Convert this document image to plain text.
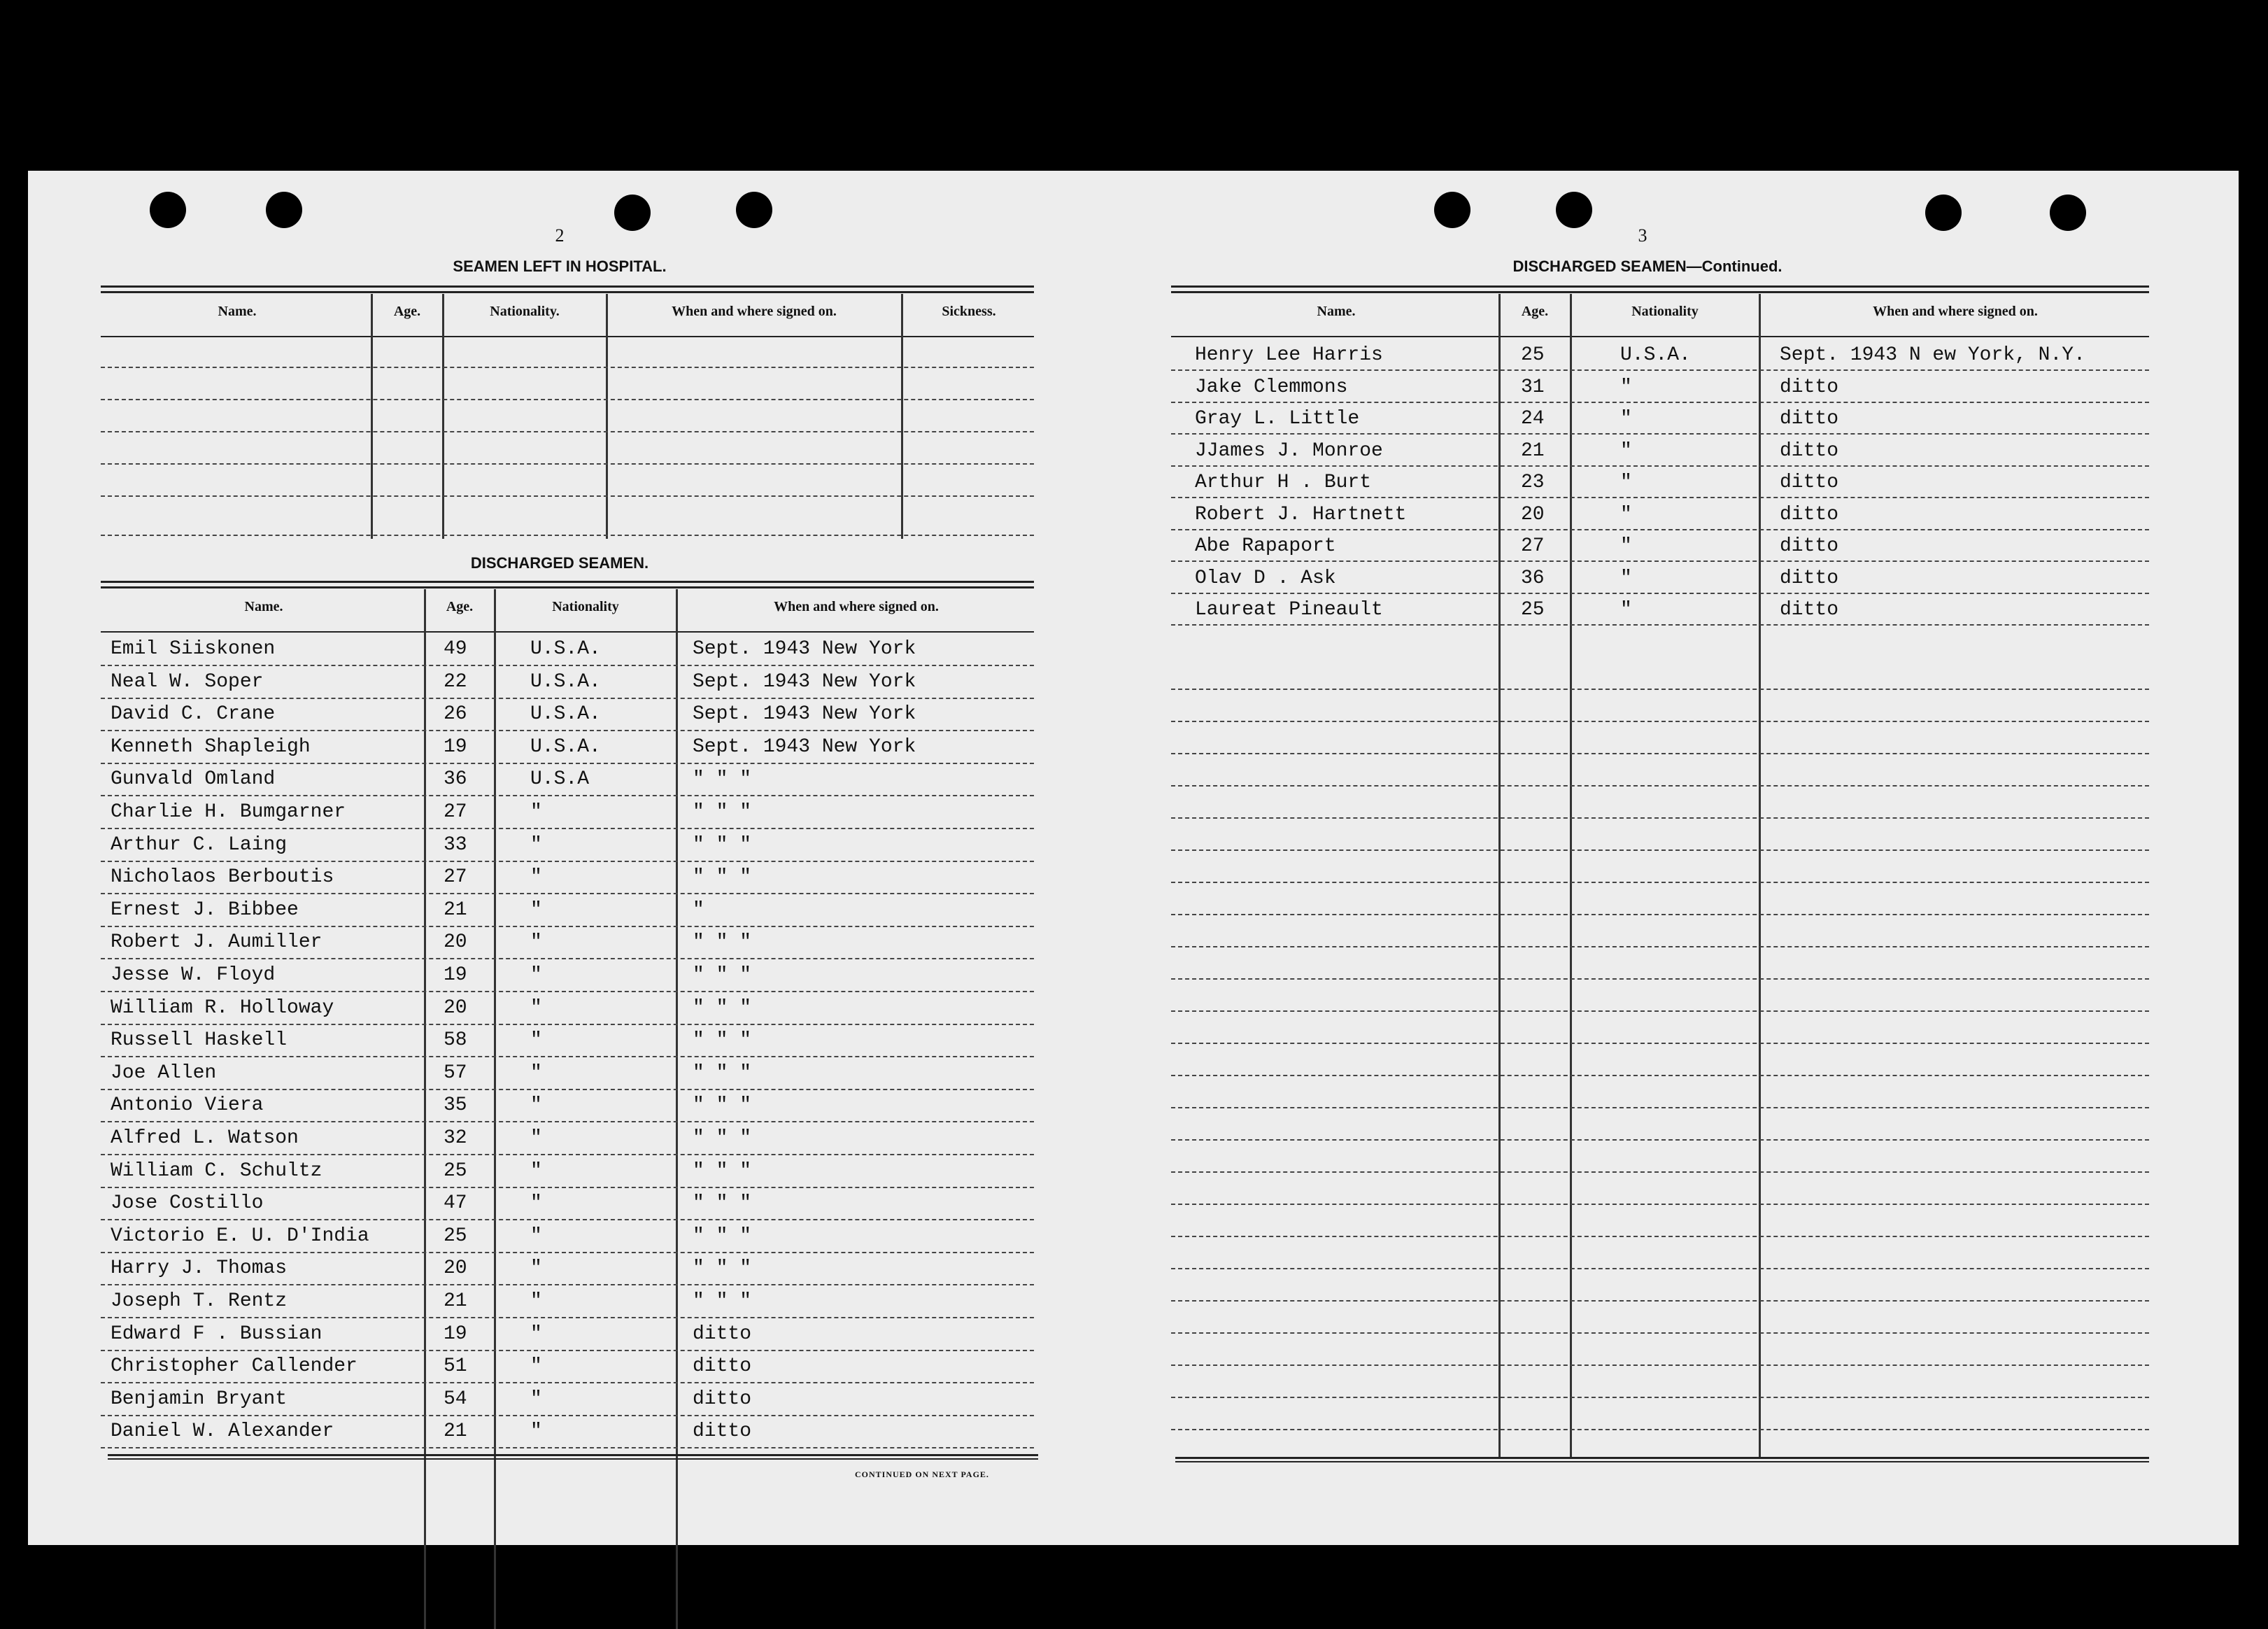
2
SEAMEN LEFT IN HOSPITAL.
Name.	Age.	Nationality.	When and where signed on.	Sickness.
DISCHARGED SEAMEN.
Name.	Age.	Nationality	When and where signed on.
Emil Siiskonen	49	U.S.A.	Sept. 1943 New York
Neal W. Soper	22	U.S.A.	Sept. 1943 New York
David C. Crane	26	U.S.A.	Sept. 1943 New York
Kenneth Shapleigh	19	U.S.A.	Sept. 1943 New York
Gunvald Omland	36	U.S.A	" " "
Charlie H. Bumgarner	27	"	" " "
Arthur C. Laing	33	"	" " "
Nicholaos Berboutis	27	"	" " "
Ernest J. Bibbee	21	"	"
Robert J. Aumiller	20	"	" " "
Jesse W. Floyd	19	"	" " "
William R. Holloway	20	"	" " "
Russell Haskell	58	"	" " "
Joe Allen	57	"	" " "
Antonio Viera	35	"	" " "
Alfred L. Watson	32	"	" " "
William C. Schultz	25	"	" " "
Jose Costillo	47	"	" " "
Victorio E. U. D'India	25	"	" " "
Harry J. Thomas	20	"	" " "
Joseph T. Rentz	21	"	" " "
Edward F . Bussian	19	"	ditto
Christopher Callender	51	"	ditto
Benjamin Bryant	54	"	ditto
Daniel W. Alexander	21	"	ditto
CONTINUED ON NEXT PAGE.
3
DISCHARGED SEAMEN—Continued.
Name.	Age.	Nationality	When and where signed on.
Henry Lee Harris	25	U.S.A.	Sept. 1943 N ew York, N.Y.
Jake Clemmons	31	"	ditto
Gray L. Little	24	"	ditto
JJames J. Monroe	21	"	ditto
Arthur H . Burt	23	"	ditto
Robert J. Hartnett	20	"	ditto
Abe Rapaport	27	"	ditto
Olav D . Ask	36	"	ditto
Laureat Pineault	25	"	ditto
